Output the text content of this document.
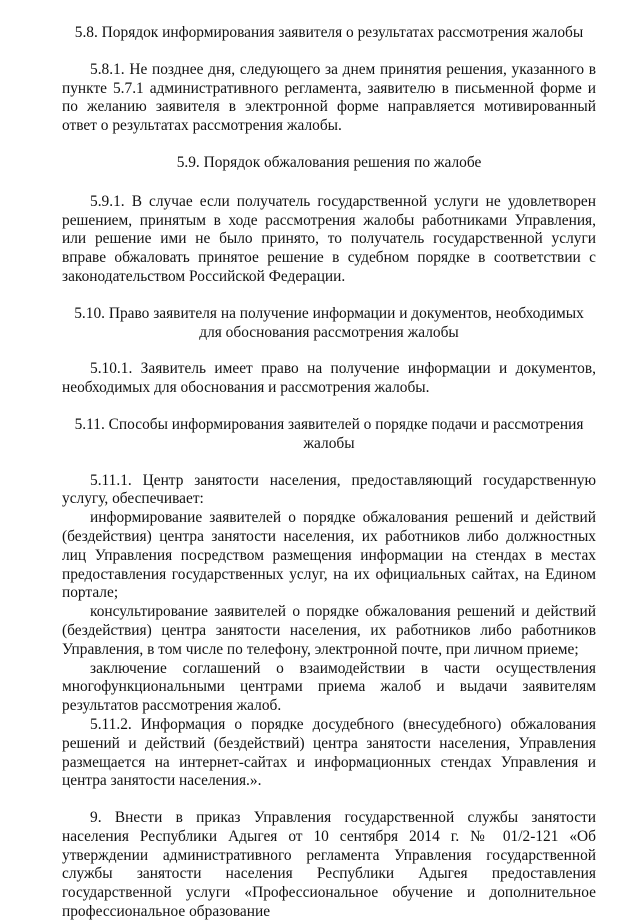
5.8. Порядок информирования заявителя о результатах рассмотрения жалобы

5.8.1. Не позднее дня, следующего за днем принятия решения, указанного в пункте 5.7.1 административного регламента, заявителю в письменной форме и по желанию заявителя в электронной форме направляется мотивированный ответ о результатах рассмотрения жалобы.

5.9. Порядок обжалования решения по жалобе

5.9.1. В случае если получатель государственной услуги не удовлетворен решением, принятым в ходе рассмотрения жалобы работниками Управления, или решение ими не было принято, то получатель государственной услуги вправе обжаловать принятое решение в судебном порядке в соответствии с законодательством Российской Федерации.

5.10. Право заявителя на получение информации и документов, необходимых для обоснования рассмотрения жалобы

5.10.1. Заявитель имеет право на получение информации и документов, необходимых для обоснования и рассмотрения жалобы.

5.11. Способы информирования заявителей о порядке подачи и рассмотрения жалобы

5.11.1. Центр занятости населения, предоставляющий государственную услугу, обеспечивает:

информирование заявителей о порядке обжалования решений и действий (бездействия) центра занятости населения, их работников либо должностных лиц Управления посредством размещения информации на стендах в местах предоставления государственных услуг, на их официальных сайтах, на Едином портале;

консультирование заявителей о порядке обжалования решений и действий (бездействия) центра занятости населения, их работников либо работников Управления, в том числе по телефону, электронной почте, при личном приеме;

заключение соглашений о взаимодействии в части осуществления многофункциональными центрами приема жалоб и выдачи заявителям результатов рассмотрения жалоб.

5.11.2. Информация о порядке досудебного (внесудебного) обжалования решений и действий (бездействий) центра занятости населения, Управления размещается на интернет-сайтах и информационных стендах Управления и центра занятости населения.».

9. Внести в приказ Управления государственной службы занятости населения Республики Адыгея от 10 сентября 2014 г. № 01/2-121 «Об утверждении административного регламента Управления государственной службы занятости населения Республики Адыгея предоставления государственной услуги «Профессиональное обучение и дополнительное профессиональное образование
